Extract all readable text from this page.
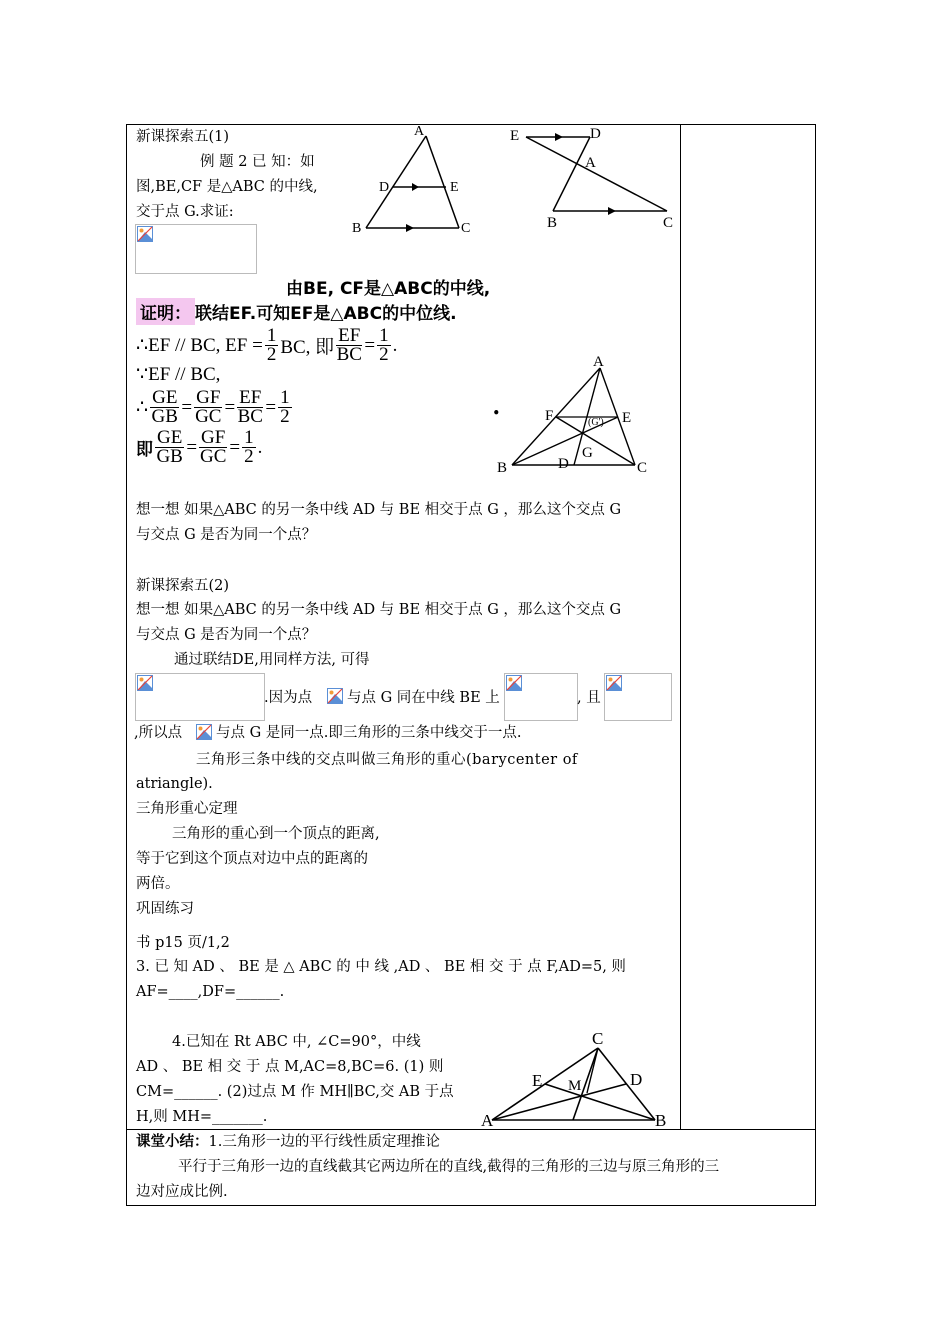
新课探索五(1)
例 题 2 已 知：如
图,BE,CF 是△ABC 的中线,
交于点 G.求证:
A
D	E
B	C
E	D
A
B	C
由BE, CF是△ABC的中线,
证明： 联结EF. 可知EF是△ABC的中位线.
∴EF // BC, EF = $\frac{1}{2}$ BC, 即 $\frac{EF}{BC} = \frac{1}{2}$ .
∵EF // BC,
∴ $\frac{GE}{GB} = \frac{GF}{GC} = \frac{EF}{BC} = \frac{1}{2}$
即 $\frac{GE}{GB} = \frac{GF}{GC} = \frac{1}{2}$ .
•
A
F	(G') E
G
B	D	C
想一想 如果△ABC 的另一条中线 AD 与 BE 相交于点 G ，那么这个交点 G
与交点 G 是否为同一个点？
新课探索五(2)
想一想 如果△ABC 的另一条中线 AD 与 BE 相交于点 G ，那么这个交点 G
与交点 G 是否为同一个点？
通过联结DE,用同样方法, 可得
.因为点 与点 G 同在中线 BE 上	, 且
,所以点 与点 G 是同一点.即三角形的三条中线交于一点.
三角形三条中线的交点叫做三角形的重心(barycenter of
atriangle).
三角形重心定理
三角形的重心到一个顶点的距离,
等于它到这个顶点对边中点的距离的
两倍。
巩固练习
书 p15 页/1,2
3. 已 知 AD 、 BE 是 △ ABC 的 中 线 ,AD 、 BE 相 交 于 点 F,AD=5, 则
AF=____,DF=______.
4.已知在 Rt ABC 中, ∠C=90°，中线
AD 、 BE 相 交 于 点 M,AC=8,BC=6. (1) 则
CM=______. (2)过点 M 作 MH∥BC,交 AB 于点
H,则 MH=_______.
C
E M	D
A	B
课堂小结：1.三角形一边的平行线性质定理推论
平行于三角形一边的直线截其它两边所在的直线,截得的三角形的三边与原三角形的三
边对应成比例.
